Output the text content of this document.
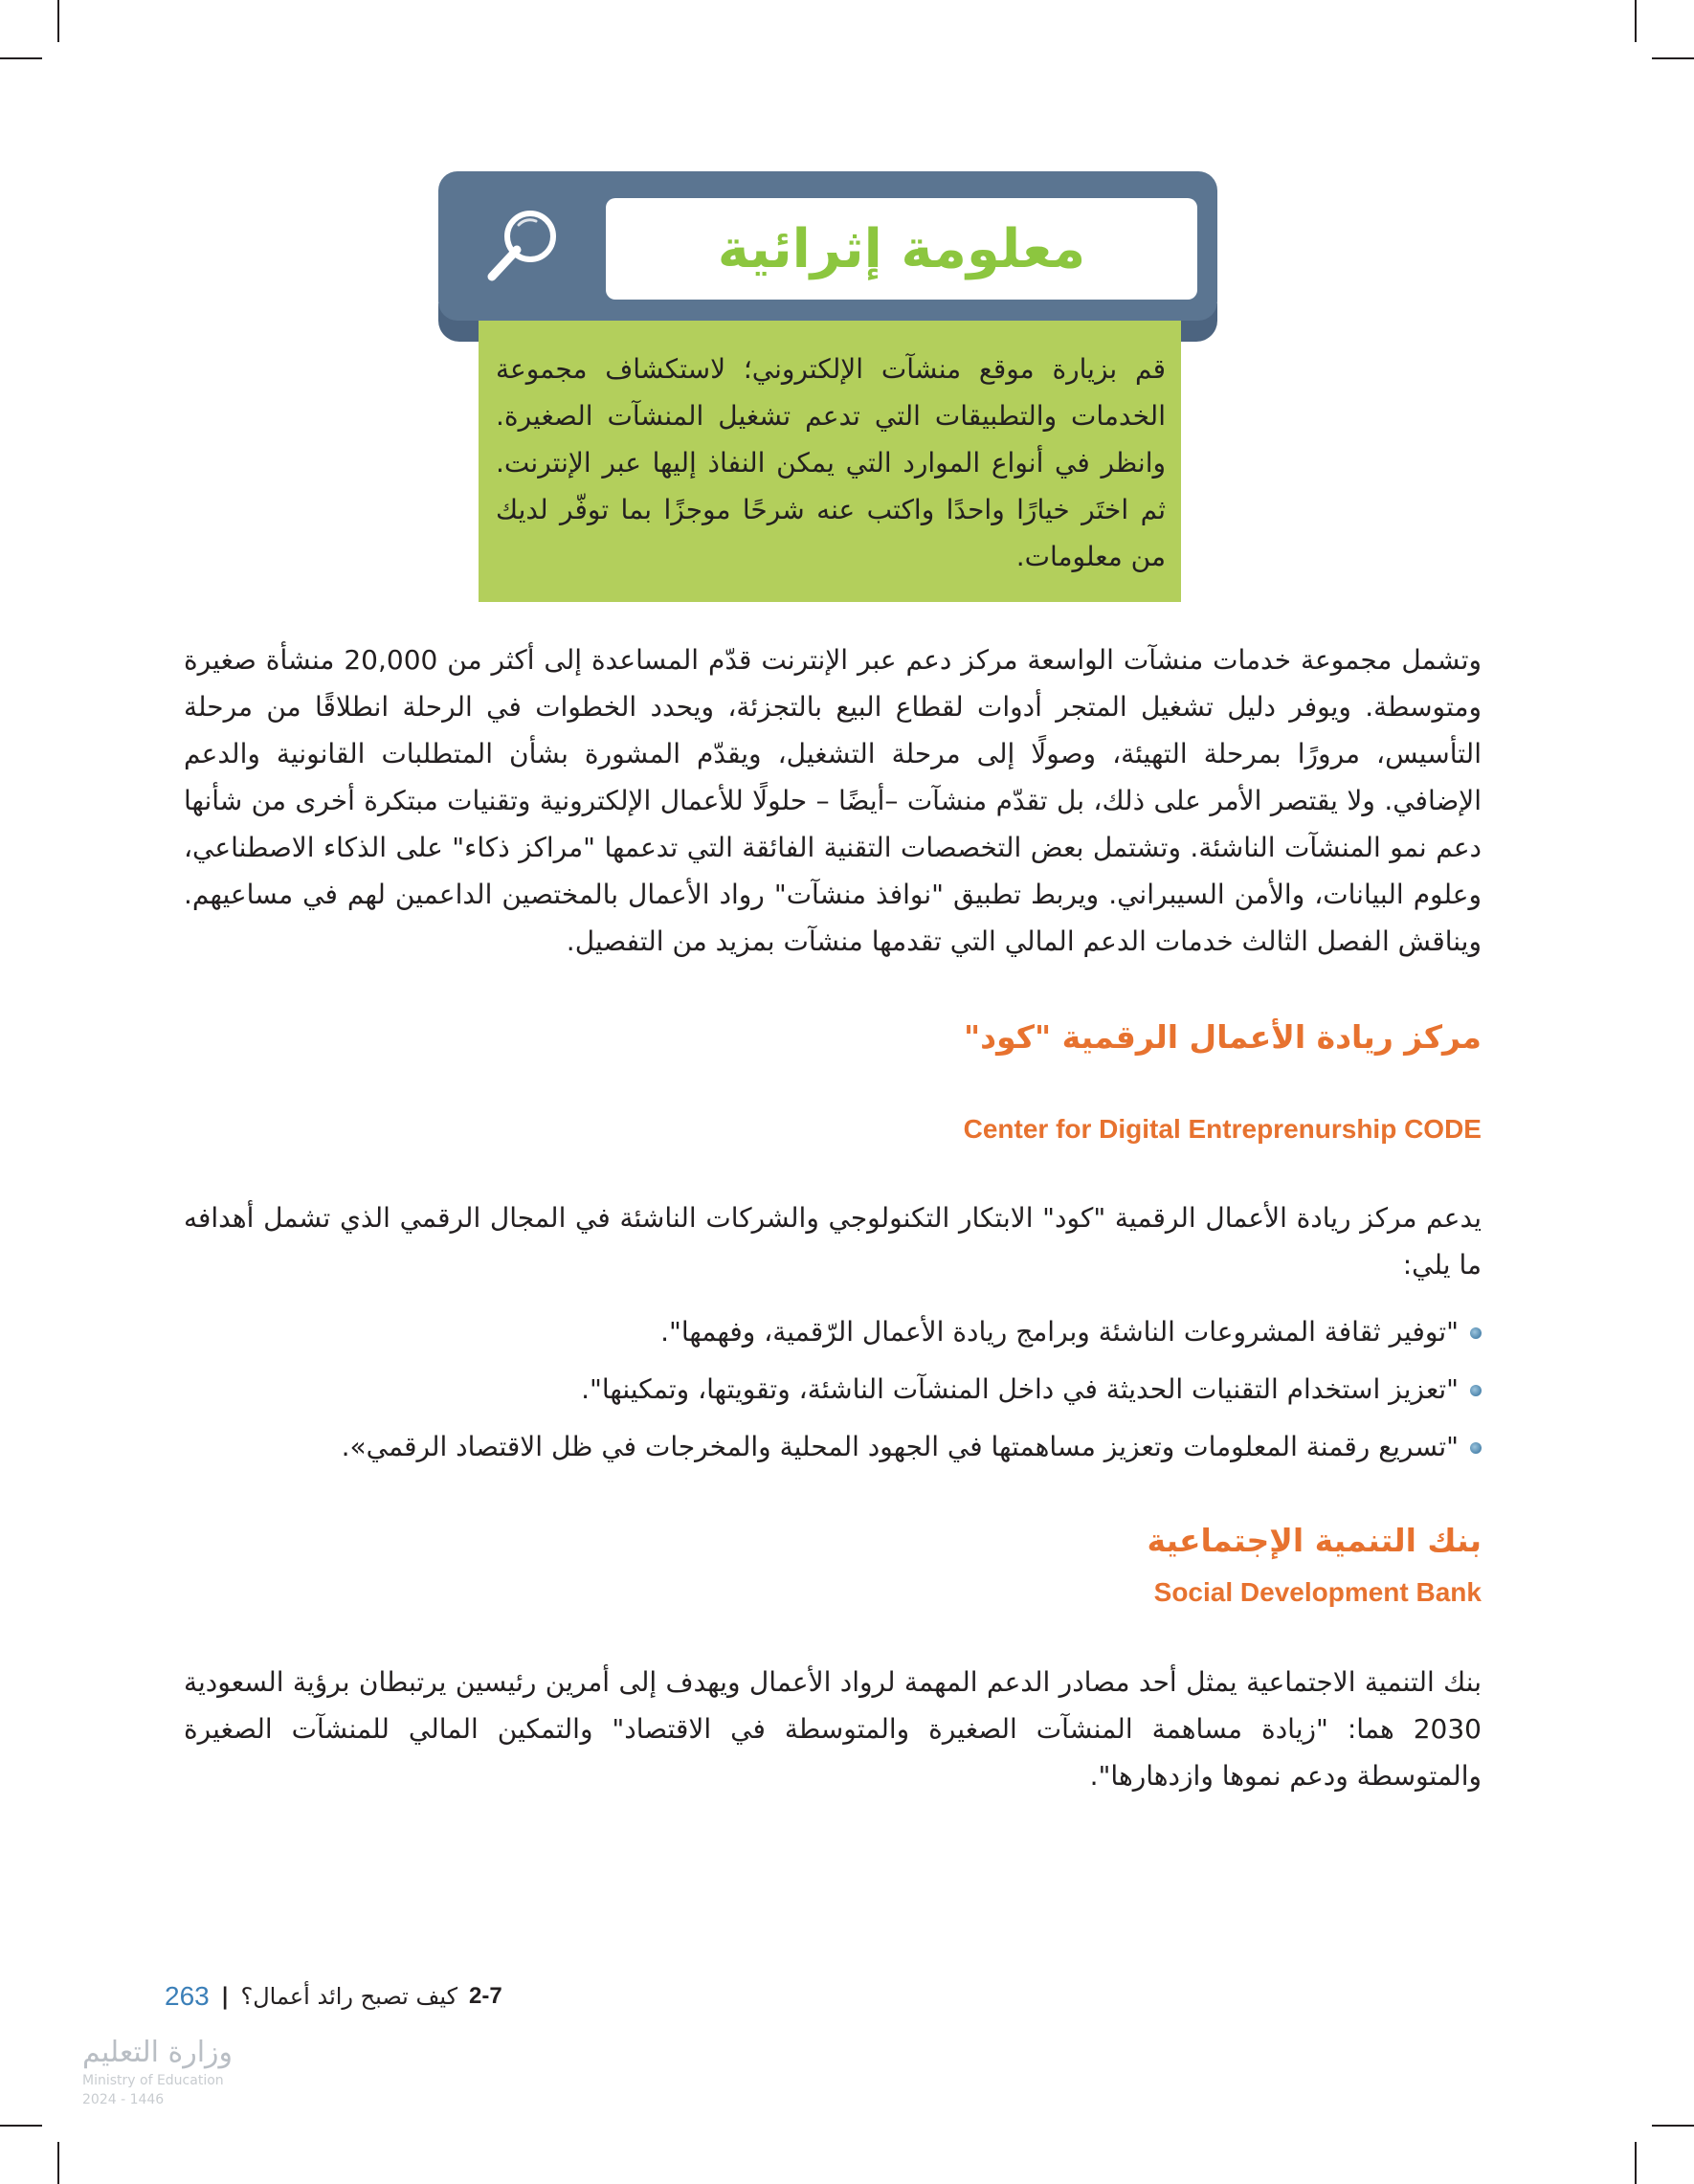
معلومة إثرائية
قم بزيارة موقع منشآت الإلكتروني؛ لاستكشاف مجموعة الخدمات والتطبيقات التي تدعم تشغيل المنشآت الصغيرة. وانظر في أنواع الموارد التي يمكن النفاذ إليها عبر الإنترنت. ثم اختَر خيارًا واحدًا واكتب عنه شرحًا موجزًا بما توفّر لديك من معلومات.

وتشمل مجموعة خدمات منشآت الواسعة مركز دعم عبر الإنترنت قدّم المساعدة إلى أكثر من 20,000 منشأة صغيرة ومتوسطة. ويوفر دليل تشغيل المتجر أدوات لقطاع البيع بالتجزئة، ويحدد الخطوات في الرحلة انطلاقًا من مرحلة التأسيس، مرورًا بمرحلة التهيئة، وصولًا إلى مرحلة التشغيل، ويقدّم المشورة بشأن المتطلبات القانونية والدعم الإضافي. ولا يقتصر الأمر على ذلك، بل تقدّم منشآت –أيضًا – حلولًا للأعمال الإلكترونية وتقنيات مبتكرة أخرى من شأنها دعم نمو المنشآت الناشئة. وتشتمل بعض التخصصات التقنية الفائقة التي تدعمها "مراكز ذكاء" على الذكاء الاصطناعي، وعلوم البيانات، والأمن السيبراني. ويربط تطبيق "نوافذ منشآت" رواد الأعمال بالمختصين الداعمين لهم في مساعيهم. ويناقش الفصل الثالث خدمات الدعم المالي التي تقدمها منشآت بمزيد من التفصيل.

مركز ريادة الأعمال الرقمية "كود"
Center for Digital Entreprenurship CODE

يدعم مركز ريادة الأعمال الرقمية "كود" الابتكار التكنولوجي والشركات الناشئة في المجال الرقمي الذي تشمل أهدافه ما يلي:

"توفير ثقافة المشروعات الناشئة وبرامج ريادة الأعمال الرّقمية، وفهمها".
"تعزيز استخدام التقنيات الحديثة في داخل المنشآت الناشئة، وتقويتها، وتمكينها".
"تسريع رقمنة المعلومات وتعزيز مساهمتها في الجهود المحلية والمخرجات في ظل الاقتصاد الرقمي».
بنك التنمية الإجتماعية
Social Development Bank

بنك التنمية الاجتماعية يمثل أحد مصادر الدعم المهمة لرواد الأعمال ويهدف إلى أمرين رئيسين يرتبطان برؤية السعودية 2030 هما: "زيادة مساهمة المنشآت الصغيرة والمتوسطة في الاقتصاد" والتمكين المالي للمنشآت الصغيرة والمتوسطة ودعم نموها وازدهارها".

263 | كيف تصبح رائد أعمال؟ 2-7
وزارة التعليم
Ministry of Education
2024 - 1446
